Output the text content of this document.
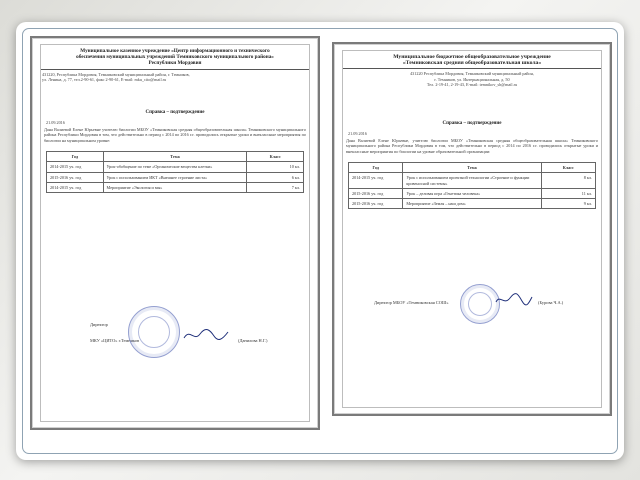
Муниципальное казенное учреждение «Центр информационного и технического
обеспечения муниципальных учреждений Темниковского муниципального района»
Республики Мордовия
431220, Республика Мордовия, Темниковский муниципальный район, г. Темников,
ул. Ленина, д. 77, тел.2-90-61, факс 2-90-61, E-mail: mku_cito@mail.ru
Справка – подтверждение
21.09.2016
Дана Валиевой Елене Юрьевне учителю биологии МБОУ «Темниковская средняя общеобразовательная школа» Темниковского муниципального района Республики Мордовия в том, что действительно в период с 2014 по 2016 г.г. проводились открытые уроки и внеклассные мероприятия по биологии на муниципальном уровне:
Год	Тема	Класс
2014-2015 уч. год	Урок-обобщение по теме «Органические вещества клетки»	10 кл.
2015-2016 уч. год	Урок с использованием ИКТ «Внешнее строение листа»	6 кл.
2014-2015 уч. год	Мероприятие «Экология и мы»	7 кл.
Директор
МКУ «ЦИТО» г.Темников	(Данилова Н.Г.)
Муниципальное бюджетное общеобразовательное учреждение
«Темниковская средняя общеобразовательная школа»
431220 Республика Мордовия, Темниковский муниципальный район,
г. Темников, ул. Интернациональная, д. 50
Тел. 2-19-41, 2-19-43, E-mail: temnikov_sh@mail.ru
Справка – подтверждение
21.09.2016
Дана Валиевой Елене Юрьевне, учителю биологии МБОУ «Темниковская средняя общеобразовательная школа» Темниковского муниципального района Республики Мордовия в том, что действительно в период с 2014 по 2016 г.г. проводились открытые уроки и внеклассные мероприятия по биологии на уровне образовательной организации:
Год	Тема	Класс
2014-2015 уч. год	Урок с использованием проектной технологии «Строение и функции кровеносной системы»	8 кл.
2015-2016 уч. год	Урок – деловая игра «Генетика человека»	11 кл.
2015-2016 уч. год	Мероприятие «Земля – наш дом»	9 кл.
Директор МБОУ «Темниковская СОШ»	(Бурова Ч.А.)
